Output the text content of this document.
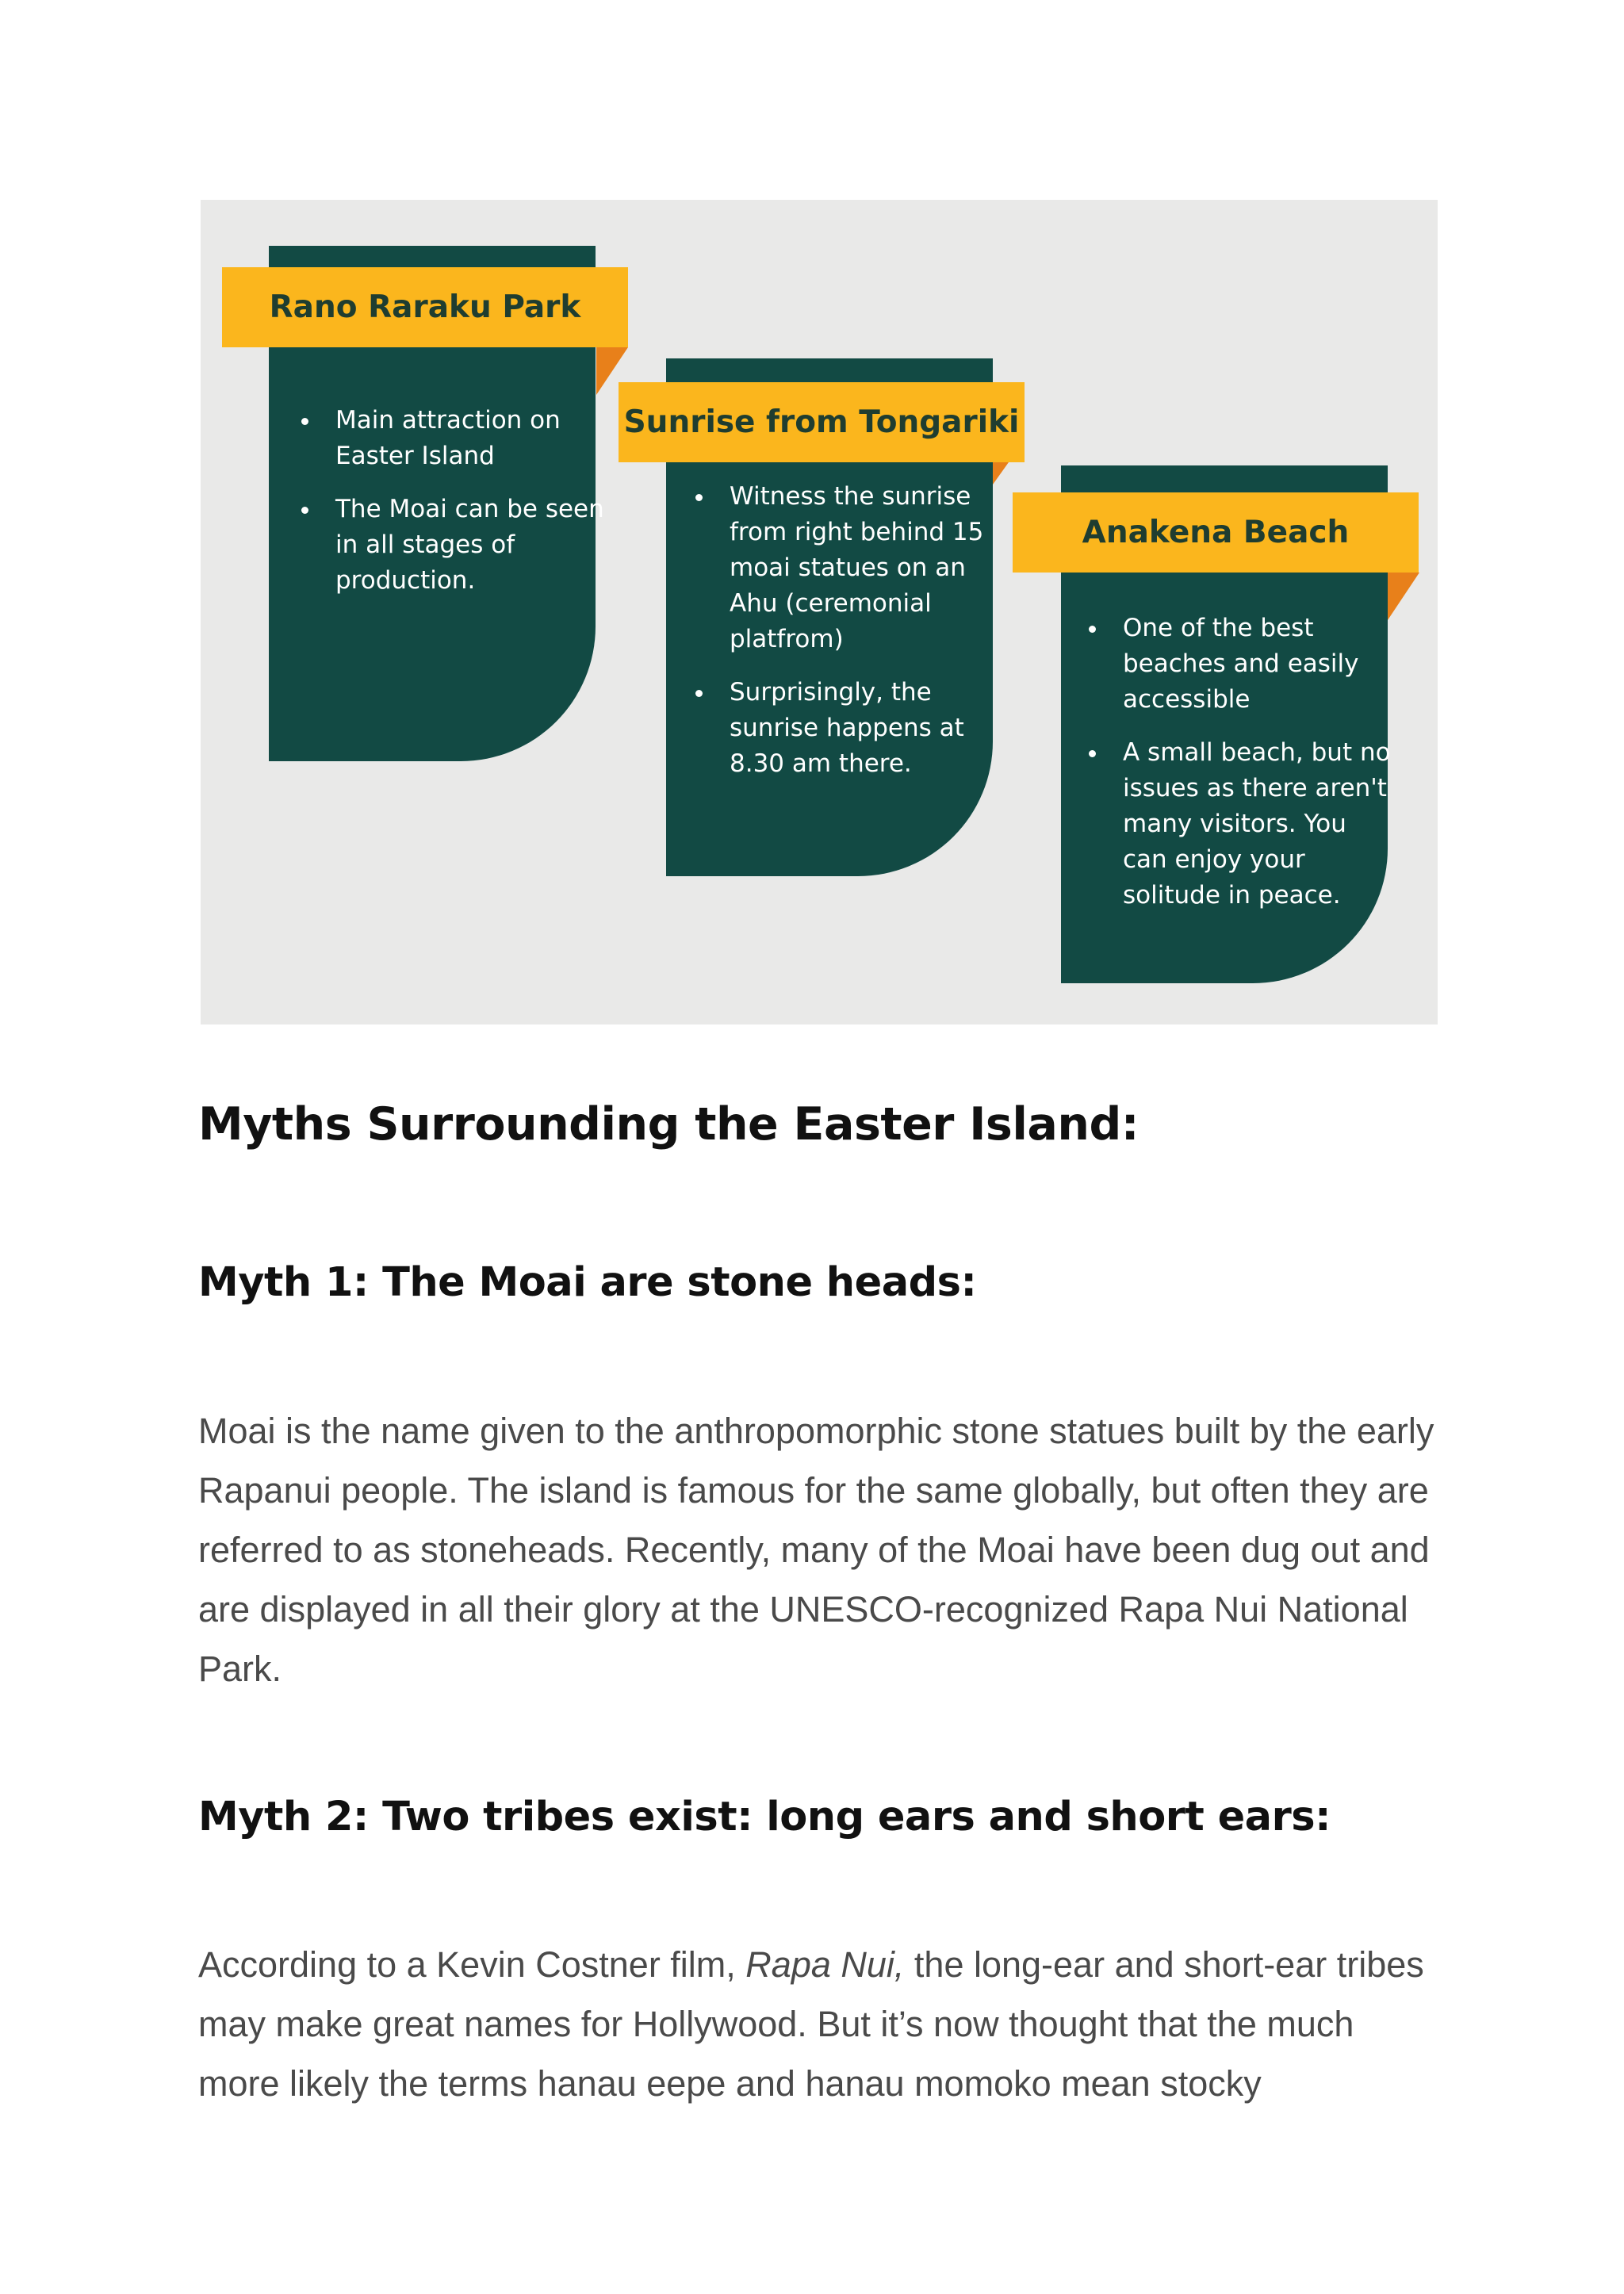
Main attraction on Easter Island
The Moai can be seen in all stages of production.
Rano Raraku Park
Witness the sunrise from right behind 15 moai statues on an Ahu (ceremonial platfrom)
Surprisingly, the sunrise happens at 8.30 am there.
Sunrise from Tongariki
One of the best beaches and easily accessible
A small beach, but no issues as there aren't many visitors. You can enjoy your solitude in peace.
Anakena Beach
Myths Surrounding the Easter Island:
Myth 1: The Moai are stone heads:

Moai is the name given to the anthropomorphic stone statues built by the early Rapanui people. The island is famous for the same globally, but often they are referred to as stoneheads. Recently, many of the Moai have been dug out and are displayed in all their glory at the UNESCO-recognized Rapa Nui National Park.

Myth 2: Two tribes exist: long ears and short ears:

According to a Kevin Costner film, Rapa Nui, the long-ear and short-ear tribes may make great names for Hollywood. But it’s now thought that the much more likely the terms hanau eepe and hanau momoko mean stocky
